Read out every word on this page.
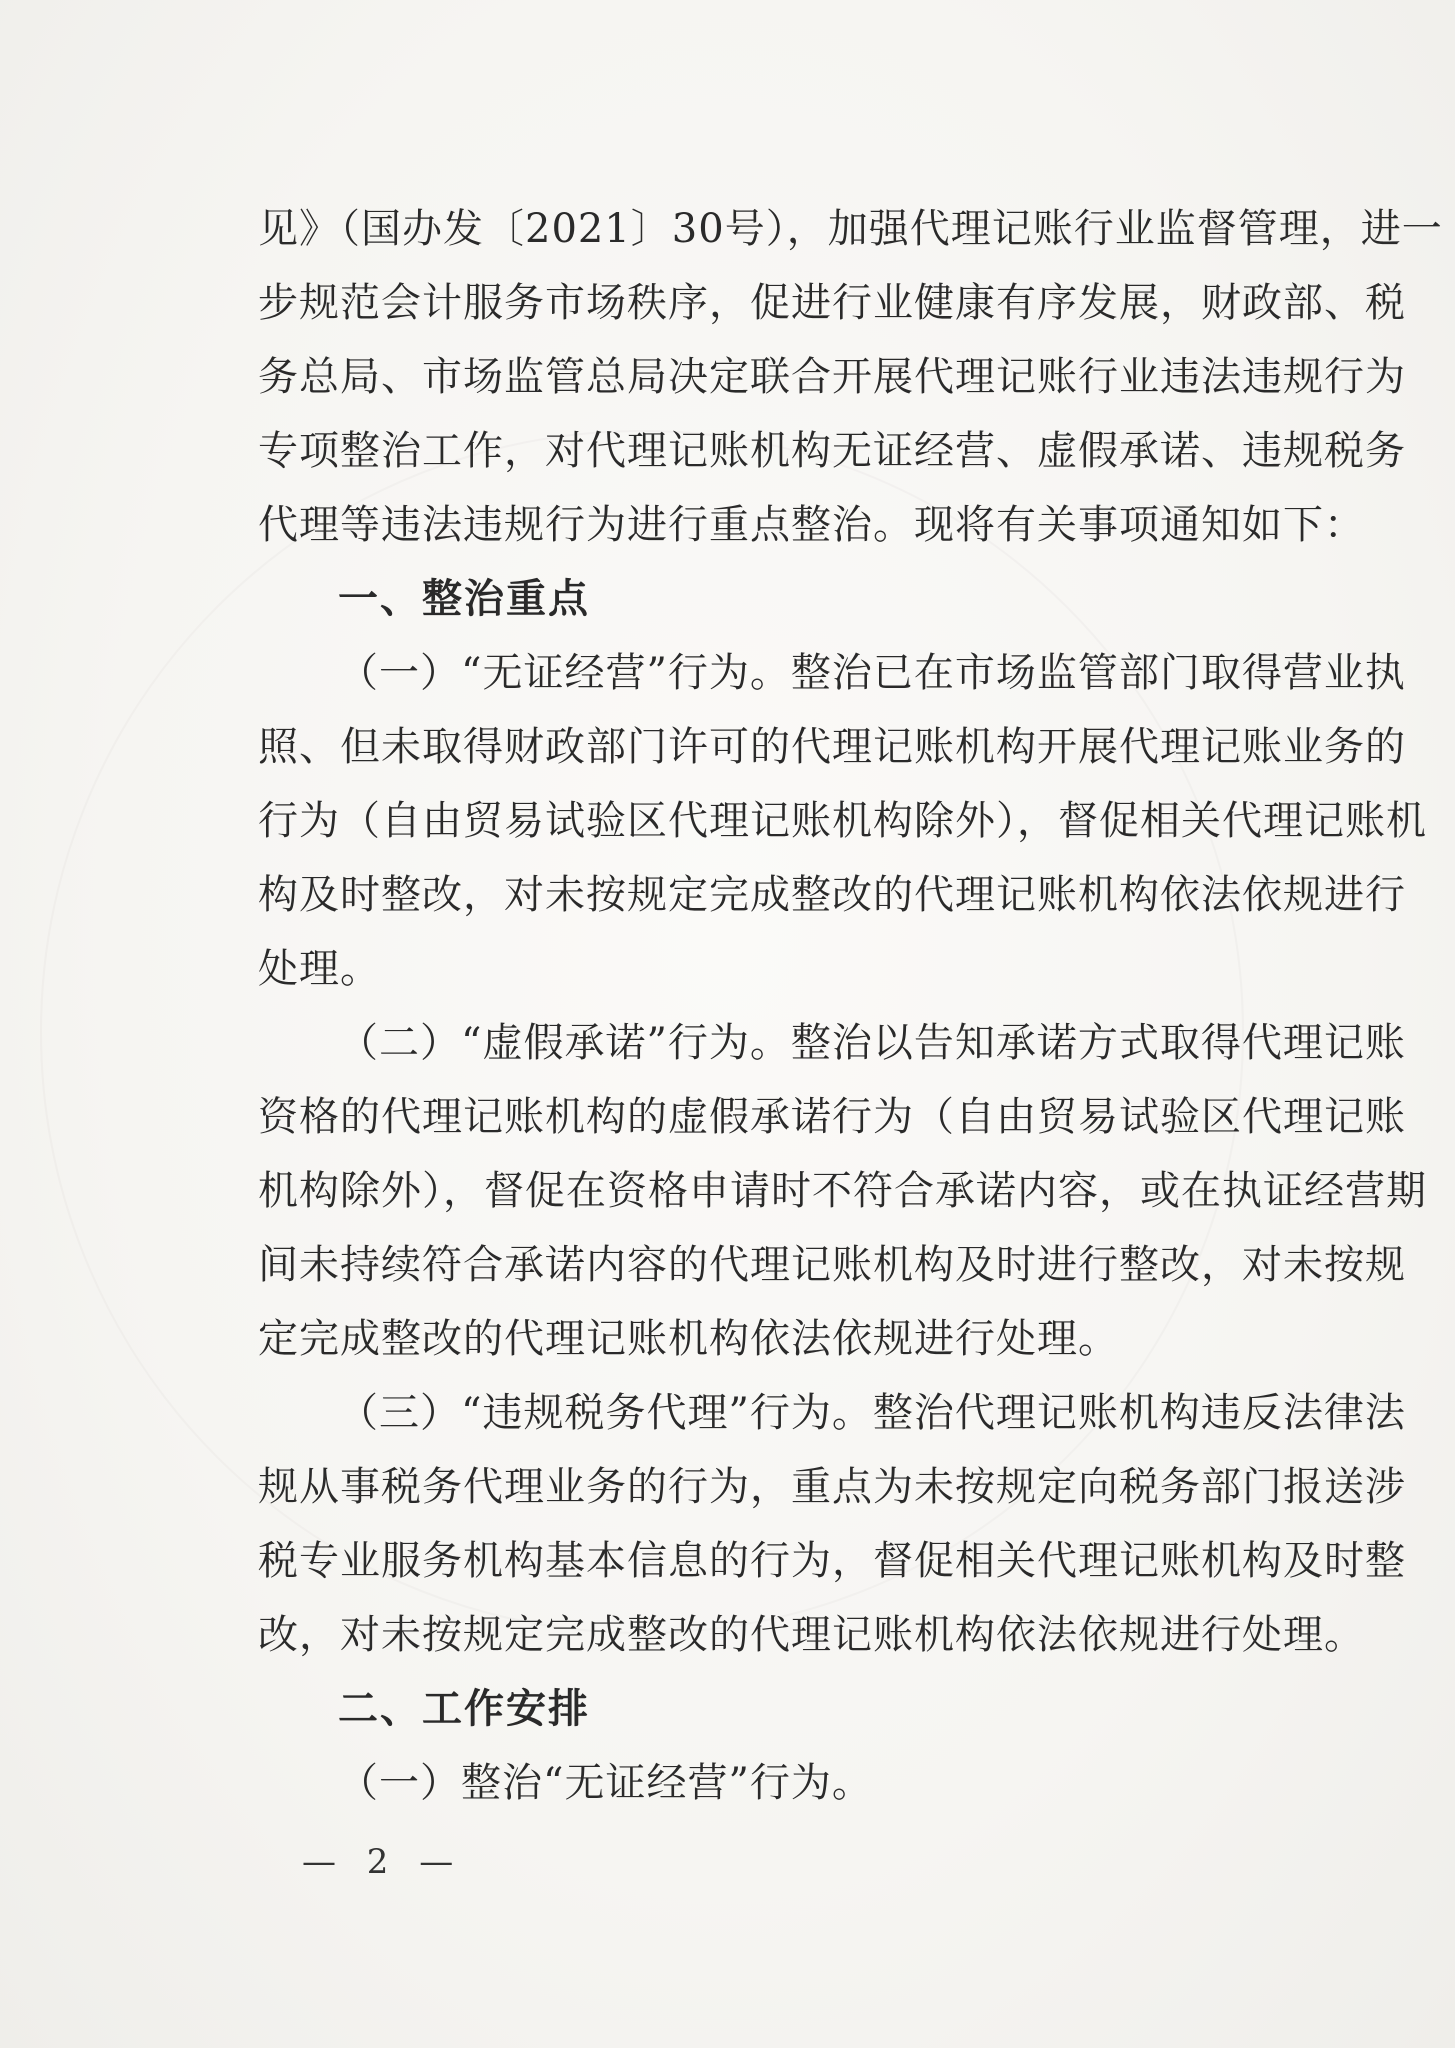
见》（国办发〔2021〕30号），加强代理记账行业监督管理，进一
步规范会计服务市场秩序，促进行业健康有序发展，财政部、税
务总局、市场监管总局决定联合开展代理记账行业违法违规行为
专项整治工作，对代理记账机构无证经营、虚假承诺、违规税务
代理等违法违规行为进行重点整治。现将有关事项通知如下：
一、整治重点
（一）“无证经营”行为。整治已在市场监管部门取得营业执
照、但未取得财政部门许可的代理记账机构开展代理记账业务的
行为（自由贸易试验区代理记账机构除外），督促相关代理记账机
构及时整改，对未按规定完成整改的代理记账机构依法依规进行
处理。
（二）“虚假承诺”行为。整治以告知承诺方式取得代理记账
资格的代理记账机构的虚假承诺行为（自由贸易试验区代理记账
机构除外），督促在资格申请时不符合承诺内容，或在执证经营期
间未持续符合承诺内容的代理记账机构及时进行整改，对未按规
定完成整改的代理记账机构依法依规进行处理。
（三）“违规税务代理”行为。整治代理记账机构违反法律法
规从事税务代理业务的行为，重点为未按规定向税务部门报送涉
税专业服务机构基本信息的行为，督促相关代理记账机构及时整
改，对未按规定完成整改的代理记账机构依法依规进行处理。
二、工作安排
（一）整治“无证经营”行为。
— 2 —
